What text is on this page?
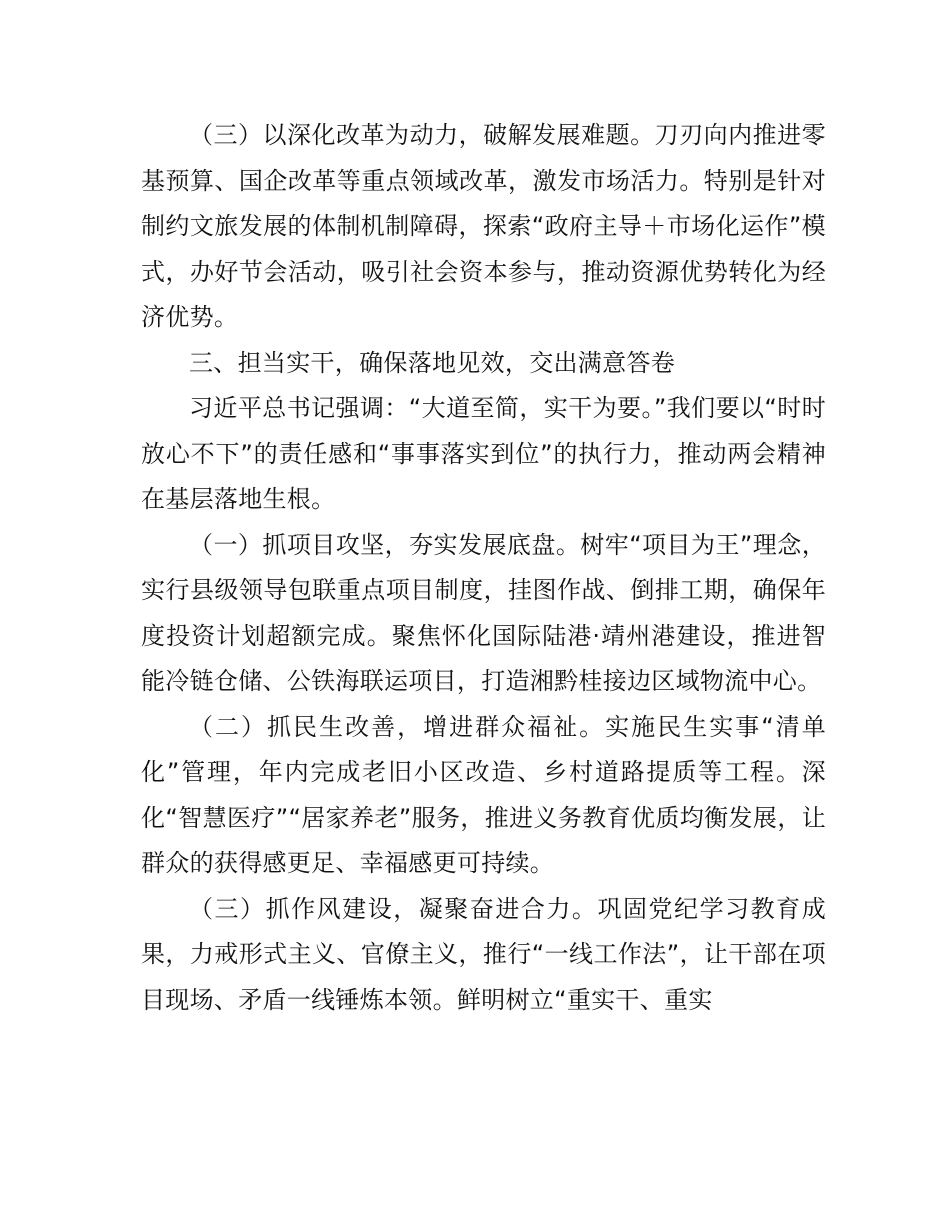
（三）以深化改革为动力，破解发展难题。刀刃向内推进零基预算、国企改革等重点领域改革，激发市场活力。特别是针对制约文旅发展的体制机制障碍，探索“政府主导＋市场化运作”模式，办好节会活动，吸引社会资本参与，推动资源优势转化为经济优势。

三、担当实干，确保落地见效，交出满意答卷

习近平总书记强调：“大道至简，实干为要。”我们要以“时时放心不下”的责任感和“事事落实到位”的执行力，推动两会精神在基层落地生根。

（一）抓项目攻坚，夯实发展底盘。树牢“项目为王”理念，实行县级领导包联重点项目制度，挂图作战、倒排工期，确保年度投资计划超额完成。聚焦怀化国际陆港·靖州港建设，推进智能冷链仓储、公铁海联运项目，打造湘黔桂接边区域物流中心。

（二）抓民生改善，增进群众福祉。实施民生实事“清单化”管理，年内完成老旧小区改造、乡村道路提质等工程。深化“智慧医疗”“居家养老”服务，推进义务教育优质均衡发展，让群众的获得感更足、幸福感更可持续。

（三）抓作风建设，凝聚奋进合力。巩固党纪学习教育成果，力戒形式主义、官僚主义，推行“一线工作法”，让干部在项目现场、矛盾一线锤炼本领。鲜明树立“重实干、重实
